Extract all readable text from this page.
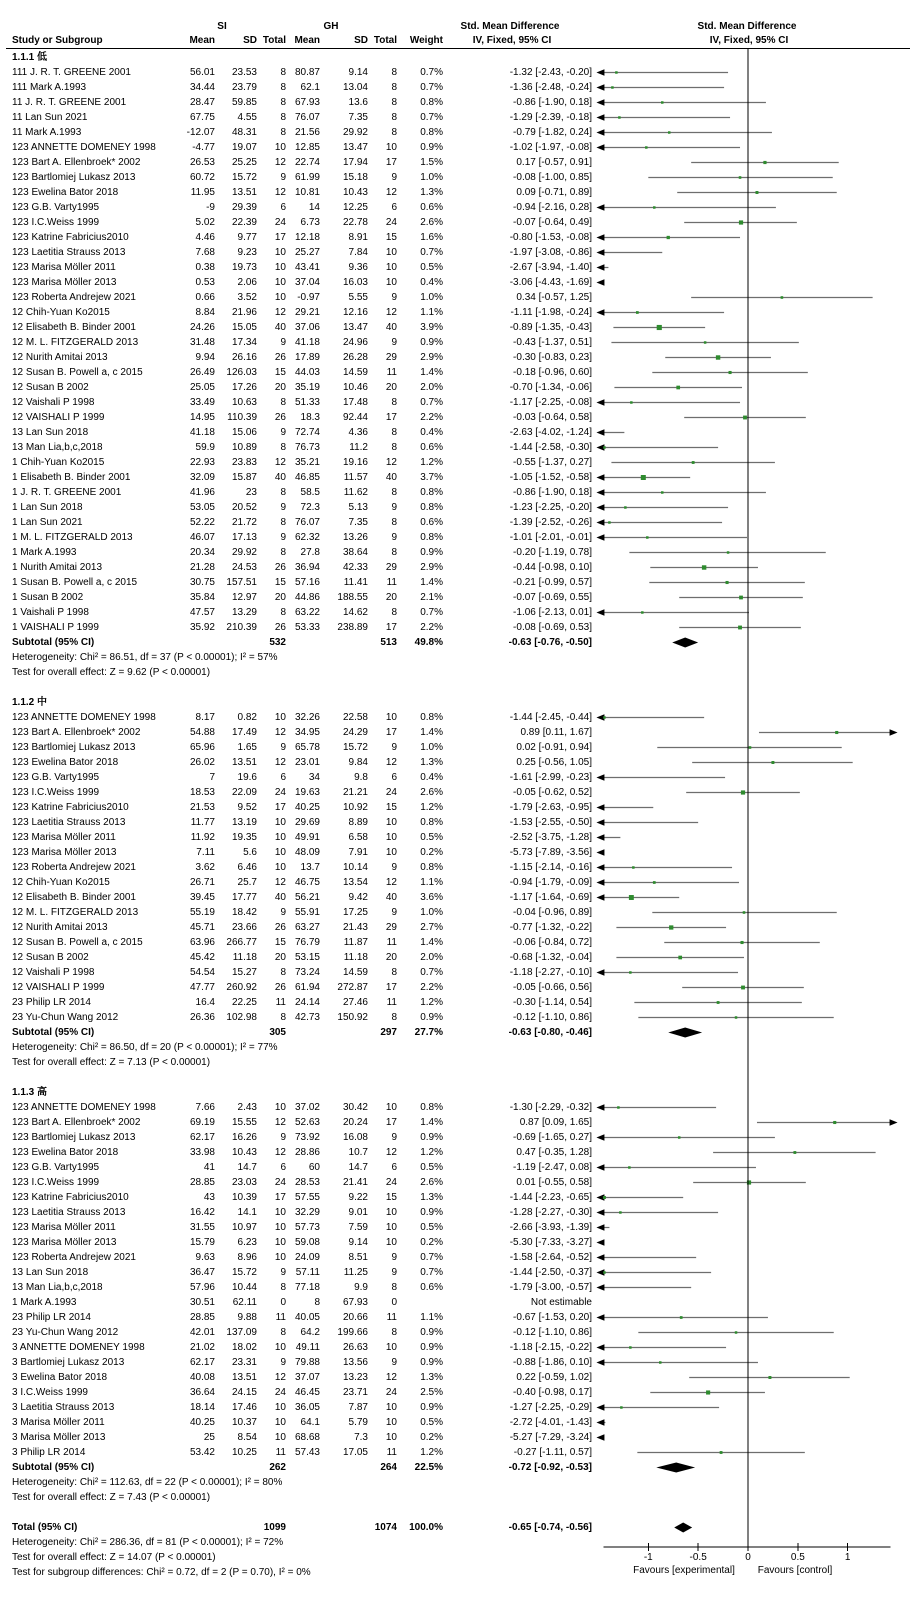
SI	GH	Std. Mean Difference	Std. Mean Difference
Study or Subgroup	Mean	SD Total Mean	SD Total Weight	IV, Fixed, 95% CI	IV, Fixed, 95% CI
1.1.1 低
111 J. R. T. GREENE 2001	56.01 23.53 8 80.87	9.14 8 0.7%	-1.32 [-2.43, -0.20]
111 Mark A.1993	34.44 23.79 8 62.1 13.04 8 0.7%	-1.36 [-2.48, -0.24]
11 J. R. T. GREENE 2001	28.47 59.85 8 67.93	13.6 8 0.8%	-0.86 [-1.90, 0.18]
11 Lan Sun 2021	67.75 4.55 8 76.07	7.35 8 0.7%	-1.29 [-2.39, -0.18]
11 Mark A.1993	-12.07 48.31 8 21.56 29.92 8 0.8%	-0.79 [-1.82, 0.24]
123 ANNETTE DOMENEY 1998	-4.77 19.07 10 12.85 13.47 10 0.9%	-1.02 [-1.97, -0.08]
123 Bart A. Ellenbroek* 2002	26.53 25.25 12 22.74 17.94 17 1.5%	0.17 [-0.57, 0.91]
123 Bartlomiej Lukasz 2013	60.72 15.72 9 61.99 15.18 9 1.0%	-0.08 [-1.00, 0.85]
123 Ewelina Bator 2018	11.95 13.51 12 10.81 10.43 12 1.3%	0.09 [-0.71, 0.89]
123 G.B. Varty1995	-9 29.39 6 14 12.25 6 0.6%	-0.94 [-2.16, 0.28]
123 I.C.Weiss 1999	5.02 22.39 24 6.73 22.78 24 2.6%	-0.07 [-0.64, 0.49]
123 Katrine Fabricius2010	4.46 9.77 17 12.18	8.91 15 1.6%	-0.80 [-1.53, -0.08]
123 Laetitia Strauss 2013	7.68 9.23 10 25.27	7.84 10 0.7%	-1.97 [-3.08, -0.86]
123 Marisa Möller 2011	0.38 19.73 10 43.41	9.36 10 0.5%	-2.67 [-3.94, -1.40]
123 Marisa Möller 2013	0.53 2.06 10 37.04 16.03 10 0.4%	-3.06 [-4.43, -1.69]
123 Roberta Andrejew 2021	0.66 3.52 10 -0.97	5.55 9 1.0%	0.34 [-0.57, 1.25]
12 Chih-Yuan Ko2015	8.84 21.96 12 29.21 12.16 12 1.1%	-1.11 [-1.98, -0.24]
12 Elisabeth B. Binder 2001	24.26 15.05 40 37.06 13.47 40 3.9%	-0.89 [-1.35, -0.43]
12 M. L. FITZGERALD 2013	31.48 17.34 9 41.18 24.96 9 0.9%	-0.43 [-1.37, 0.51]
12 Nurith Amitai 2013	9.94 26.16 26 17.89 26.28 29 2.9%	-0.30 [-0.83, 0.23]
12 Susan B. Powell a, c 2015	26.49 126.03 15 44.03 14.59 11 1.4%	-0.18 [-0.96, 0.60]
12 Susan B 2002	25.05 17.26 20 35.19 10.46 20 2.0%	-0.70 [-1.34, -0.06]
12 Vaishali P 1998	33.49 10.63 8 51.33 17.48 8 0.7%	-1.17 [-2.25, -0.08]
12 VAISHALI P 1999	14.95 110.39 26 18.3 92.44 17 2.2%	-0.03 [-0.64, 0.58]
13 Lan Sun 2018	41.18 15.06 9 72.74	4.36 8 0.4%	-2.63 [-4.02, -1.24]
13 Man Lia,b,c,2018	59.9 10.89 8 76.73	11.2 8 0.6%	-1.44 [-2.58, -0.30]
1 Chih-Yuan Ko2015	22.93 23.83 12 35.21 19.16 12 1.2%	-0.55 [-1.37, 0.27]
1 Elisabeth B. Binder 2001	32.09 15.87 40 46.85 11.57 40 3.7%	-1.05 [-1.52, -0.58]
1 J. R. T. GREENE 2001	41.96	23 8 58.5 11.62 8 0.8%	-0.86 [-1.90, 0.18]
1 Lan Sun 2018	53.05 20.52 9 72.3	5.13 9 0.8%	-1.23 [-2.25, -0.20]
1 Lan Sun 2021	52.22 21.72 8 76.07	7.35 8 0.6%	-1.39 [-2.52, -0.26]
1 M. L. FITZGERALD 2013	46.07 17.13 9 62.32 13.26 9 0.8%	-1.01 [-2.01, -0.01]
1 Mark A.1993	20.34 29.92 8 27.8 38.64 8 0.9%	-0.20 [-1.19, 0.78]
1 Nurith Amitai 2013	21.28 24.53 26 36.94 42.33 29 2.9%	-0.44 [-0.98, 0.10]
1 Susan B. Powell a, c 2015	30.75 157.51 15 57.16 11.41 11 1.4%	-0.21 [-0.99, 0.57]
1 Susan B 2002	35.84 12.97 20 44.86 188.55 20 2.1%	-0.07 [-0.69, 0.55]
1 Vaishali P 1998	47.57 13.29 8 63.22 14.62 8 0.7%	-1.06 [-2.13, 0.01]
1 VAISHALI P 1999	35.92 210.39 26 53.33 238.89 17 2.2%	-0.08 [-0.69, 0.53]
Subtotal (95% CI)	532	513 49.8%	-0.63 [-0.76, -0.50]
Heterogeneity: Chi² = 86.51, df = 37 (P < 0.00001); I² = 57%
Test for overall effect: Z = 9.62 (P < 0.00001)
1.1.2 中
123 ANNETTE DOMENEY 1998	8.17 0.82 10 32.26 22.58 10 0.8%	-1.44 [-2.45, -0.44]
123 Bart A. Ellenbroek* 2002	54.88 17.49 12 34.95 24.29 17 1.4%	0.89 [0.11, 1.67]
123 Bartlomiej Lukasz 2013	65.96 1.65 9 65.78 15.72 9 1.0%	0.02 [-0.91, 0.94]
123 Ewelina Bator 2018	26.02 13.51 12 23.01	9.84 12 1.3%	0.25 [-0.56, 1.05]
123 G.B. Varty1995	7 19.6 6 34	9.8 6 0.4%	-1.61 [-2.99, -0.23]
123 I.C.Weiss 1999	18.53 22.09 24 19.63 21.21 24 2.6%	-0.05 [-0.62, 0.52]
123 Katrine Fabricius2010	21.53 9.52 17 40.25 10.92 15 1.2%	-1.79 [-2.63, -0.95]
123 Laetitia Strauss 2013	11.77 13.19 10 29.69	8.89 10 0.8%	-1.53 [-2.55, -0.50]
123 Marisa Möller 2011	11.92 19.35 10 49.91	6.58 10 0.5%	-2.52 [-3.75, -1.28]
123 Marisa Möller 2013	7.11	5.6 10 48.09	7.91 10 0.2%	-5.73 [-7.89, -3.56]
123 Roberta Andrejew 2021	3.62 6.46 10 13.7 10.14 9 0.8%	-1.15 [-2.14, -0.16]
12 Chih-Yuan Ko2015	26.71 25.7 12 46.75 13.54 12 1.1%	-0.94 [-1.79, -0.09]
12 Elisabeth B. Binder 2001	39.45 17.77 40 56.21	9.42 40 3.6%	-1.17 [-1.64, -0.69]
12 M. L. FITZGERALD 2013	55.19 18.42 9 55.91 17.25 9 1.0%	-0.04 [-0.96, 0.89]
12 Nurith Amitai 2013	45.71 23.66 26 63.27 21.43 29 2.7%	-0.77 [-1.32, -0.22]
12 Susan B. Powell a, c 2015	63.96 266.77 15 76.79 11.87 11 1.4%	-0.06 [-0.84, 0.72]
12 Susan B 2002	45.42 11.18 20 53.15 11.18 20 2.0%	-0.68 [-1.32, -0.04]
12 Vaishali P 1998	54.54 15.27 8 73.24 14.59 8 0.7%	-1.18 [-2.27, -0.10]
12 VAISHALI P 1999	47.77 260.92 26 61.94 272.87 17 2.2%	-0.05 [-0.66, 0.56]
23 Philip LR 2014	16.4 22.25 11 24.14 27.46 11 1.2%	-0.30 [-1.14, 0.54]
23 Yu-Chun Wang 2012	26.36 102.98 8 42.73 150.92 8 0.9%	-0.12 [-1.10, 0.86]
Subtotal (95% CI)	305	297 27.7%	-0.63 [-0.80, -0.46]
Heterogeneity: Chi² = 86.50, df = 20 (P < 0.00001); I² = 77%
Test for overall effect: Z = 7.13 (P < 0.00001)
1.1.3 高
123 ANNETTE DOMENEY 1998	7.66 2.43 10 37.02 30.42 10 0.8%	-1.30 [-2.29, -0.32]
123 Bart A. Ellenbroek* 2002	69.19 15.55 12 52.63 20.24 17 1.4%	0.87 [0.09, 1.65]
123 Bartlomiej Lukasz 2013	62.17 16.26 9 73.92 16.08 9 0.9%	-0.69 [-1.65, 0.27]
123 Ewelina Bator 2018	33.98 10.43 12 28.86	10.7 12 1.2%	0.47 [-0.35, 1.28]
123 G.B. Varty1995	41 14.7 6 60	14.7 6 0.5%	-1.19 [-2.47, 0.08]
123 I.C.Weiss 1999	28.85 23.03 24 28.53 21.41 24 2.6%	0.01 [-0.55, 0.58]
123 Katrine Fabricius2010	43 10.39 17 57.55	9.22 15 1.3%	-1.44 [-2.23, -0.65]
123 Laetitia Strauss 2013	16.42 14.1 10 32.29	9.01 10 0.9%	-1.28 [-2.27, -0.30]
123 Marisa Möller 2011	31.55 10.97 10 57.73	7.59 10 0.5%	-2.66 [-3.93, -1.39]
123 Marisa Möller 2013	15.79 6.23 10 59.08	9.14 10 0.2%	-5.30 [-7.33, -3.27]
123 Roberta Andrejew 2021	9.63 8.96 10 24.09	8.51 9 0.7%	-1.58 [-2.64, -0.52]
13 Lan Sun 2018	36.47 15.72 9 57.11 11.25 9 0.7%	-1.44 [-2.50, -0.37]
13 Man Lia,b,c,2018	57.96 10.44 8 77.18	9.9 8 0.6%	-1.79 [-3.00, -0.57]
1 Mark A.1993	30.51 62.11 0	8 67.93 0	Not estimable
23 Philip LR 2014	28.85 9.88 11 40.05 20.66 11 1.1%	-0.67 [-1.53, 0.20]
23 Yu-Chun Wang 2012	42.01 137.09 8 64.2 199.66 8 0.9%	-0.12 [-1.10, 0.86]
3 ANNETTE DOMENEY 1998	21.02 18.02 10 49.11 26.63 10 0.9%	-1.18 [-2.15, -0.22]
3 Bartlomiej Lukasz 2013	62.17 23.31 9 79.88 13.56 9 0.9%	-0.88 [-1.86, 0.10]
3 Ewelina Bator 2018	40.08 13.51 12 37.07 13.23 12 1.3%	0.22 [-0.59, 1.02]
3 I.C.Weiss 1999	36.64 24.15 24 46.45 23.71 24 2.5%	-0.40 [-0.98, 0.17]
3 Laetitia Strauss 2013	18.14 17.46 10 36.05	7.87 10 0.9%	-1.27 [-2.25, -0.29]
3 Marisa Möller 2011	40.25 10.37 10 64.1	5.79 10 0.5%	-2.72 [-4.01, -1.43]
3 Marisa Möller 2013	25 8.54 10 68.68	7.3 10 0.2%	-5.27 [-7.29, -3.24]
3 Philip LR 2014	53.42 10.25 11 57.43 17.05 11 1.2%	-0.27 [-1.11, 0.57]
Subtotal (95% CI)	262	264 22.5%	-0.72 [-0.92, -0.53]
Heterogeneity: Chi² = 112.63, df = 22 (P < 0.00001); I² = 80%
Test for overall effect: Z = 7.43 (P < 0.00001)
Total (95% CI)	1099	1074 100.0%	-0.65 [-0.74, -0.56]
Heterogeneity: Chi² = 286.36, df = 81 (P < 0.00001); I² = 72%
Test for overall effect: Z = 14.07 (P < 0.00001)
Test for subgroup differences: Chi² = 0.72, df = 2 (P = 0.70), I² = 0%	Favours [experimental] Favours [control]
-1	-0.5	0	0.5	1
